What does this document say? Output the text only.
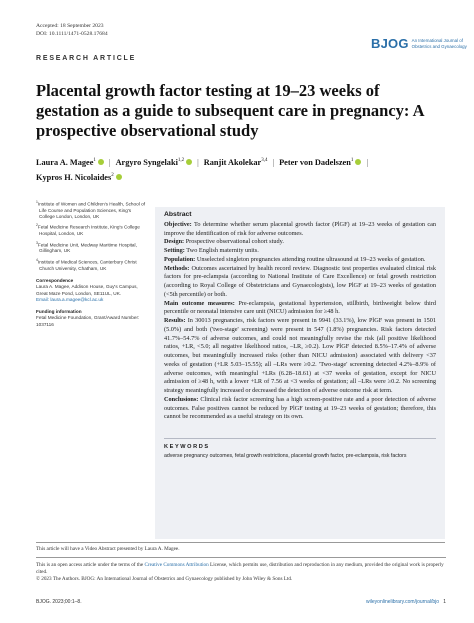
Accepted: 18 September 2023
DOI: 10.1111/1471-0528.17684
BJOG An International Journal of Obstetrics and Gynaecology
RESEARCH ARTICLE
Placental growth factor testing at 19–23 weeks of gestation as a guide to subsequent care in pregnancy: A prospective observational study
Laura A. Magee$^1$ | Argyro Syngelaki$^{1,2}$ | Ranjit Akolekar$^{3,4}$ | Peter von Dadelszen$^1$ |
Kypros H. Nicolaides$^2$
$^1$Institute of Women and Children's Health, School of Life Course and Population Sciences, King's College London, London, UK
$^2$Fetal Medicine Research Institute, King's College Hospital, London, UK
$^3$Fetal Medicine Unit, Medway Maritime Hospital, Gillingham, UK
$^4$Institute of Medical Sciences, Canterbury Christ Church University, Chatham, UK
Correspondence
Laura A. Magee, Addison House, Guy's Campus, Great Maze Pond, London, SE11UL, UK.
Email: laura.a.magee@kcl.ac.uk
Funding information
Fetal Medicine Foundation, Grant/Award Number: 1037116
Abstract

Objective: To determine whether serum placental growth factor (PlGF) at 19–23 weeks of gestation can improve the identification of risk for adverse outcomes.

Design: Prospective observational cohort study.

Setting: Two English maternity units.

Population: Unselected singleton pregnancies attending routine ultrasound at 19–23 weeks of gestation.

Methods: Outcomes ascertained by health record review. Diagnostic test properties evaluated clinical risk factors for pre-eclampsia (according to National Institute of Care Excellence) or fetal growth restriction (according to Royal College of Obstetricians and Gynaecologists), low PlGF at 19–23 weeks of gestation (<5th percentile) or both.

Main outcome measures: Pre-eclampsia, gestational hypertension, stillbirth, birthweight below third percentile or neonatal intensive care unit (NICU) admission for ≥48 h.

Results: In 30013 pregnancies, risk factors were present in 9941 (33.1%), low PlGF was present in 1501 (5.0%) and both ('two-stage' screening) were present in 547 (1.8%) pregnancies. Risk factors detected 41.7%–54.7% of adverse outcomes, and could not meaningfully revise the risk (all positive likelihood ratios, +LR, <5.0; all negative likelihood ratios, –LR, ≥0.2). Low PlGF detected 8.5%–17.4% of adverse outcomes, but meaningfully increased risks (other than NICU admission) associated with delivery <37 weeks of gestation (+LR 5.03–15.55); all –LRs were ≥0.2. 'Two-stage' screening detected 4.2%–8.9% of adverse outcomes, with meaningful +LRs (6.28–18.61) at <37 weeks of gestation, except for NICU admission of ≥48 h, with a lower +LR of 7.56 at <3 weeks of gestation; all –LRs were ≥0.2. No screening strategy meaningfully increased or decreased the detection of adverse outcome risk at term.

Conclusions: Clinical risk factor screening has a high screen-positive rate and a poor detection of adverse outcomes. False positives cannot be reduced by PlGF testing at 19–23 weeks of gestation; therefore, this cannot be recommended as a useful strategy on its own.

KEYWORDS
adverse pregnancy outcomes, fetal growth restrictions, placental growth factor, pre-eclampsia, risk factors
This article will have a Video Abstract presented by Laura A. Magee.
This is an open access article under the terms of the Creative Commons Attribution License, which permits use, distribution and reproduction in any medium, provided the original work is properly cited.
© 2023 The Authors. BJOG: An International Journal of Obstetrics and Gynaecology published by John Wiley & Sons Ltd.
BJOG. 2023;00:1–8.	wileyonlinelibrary.com/journal/bjo 1
